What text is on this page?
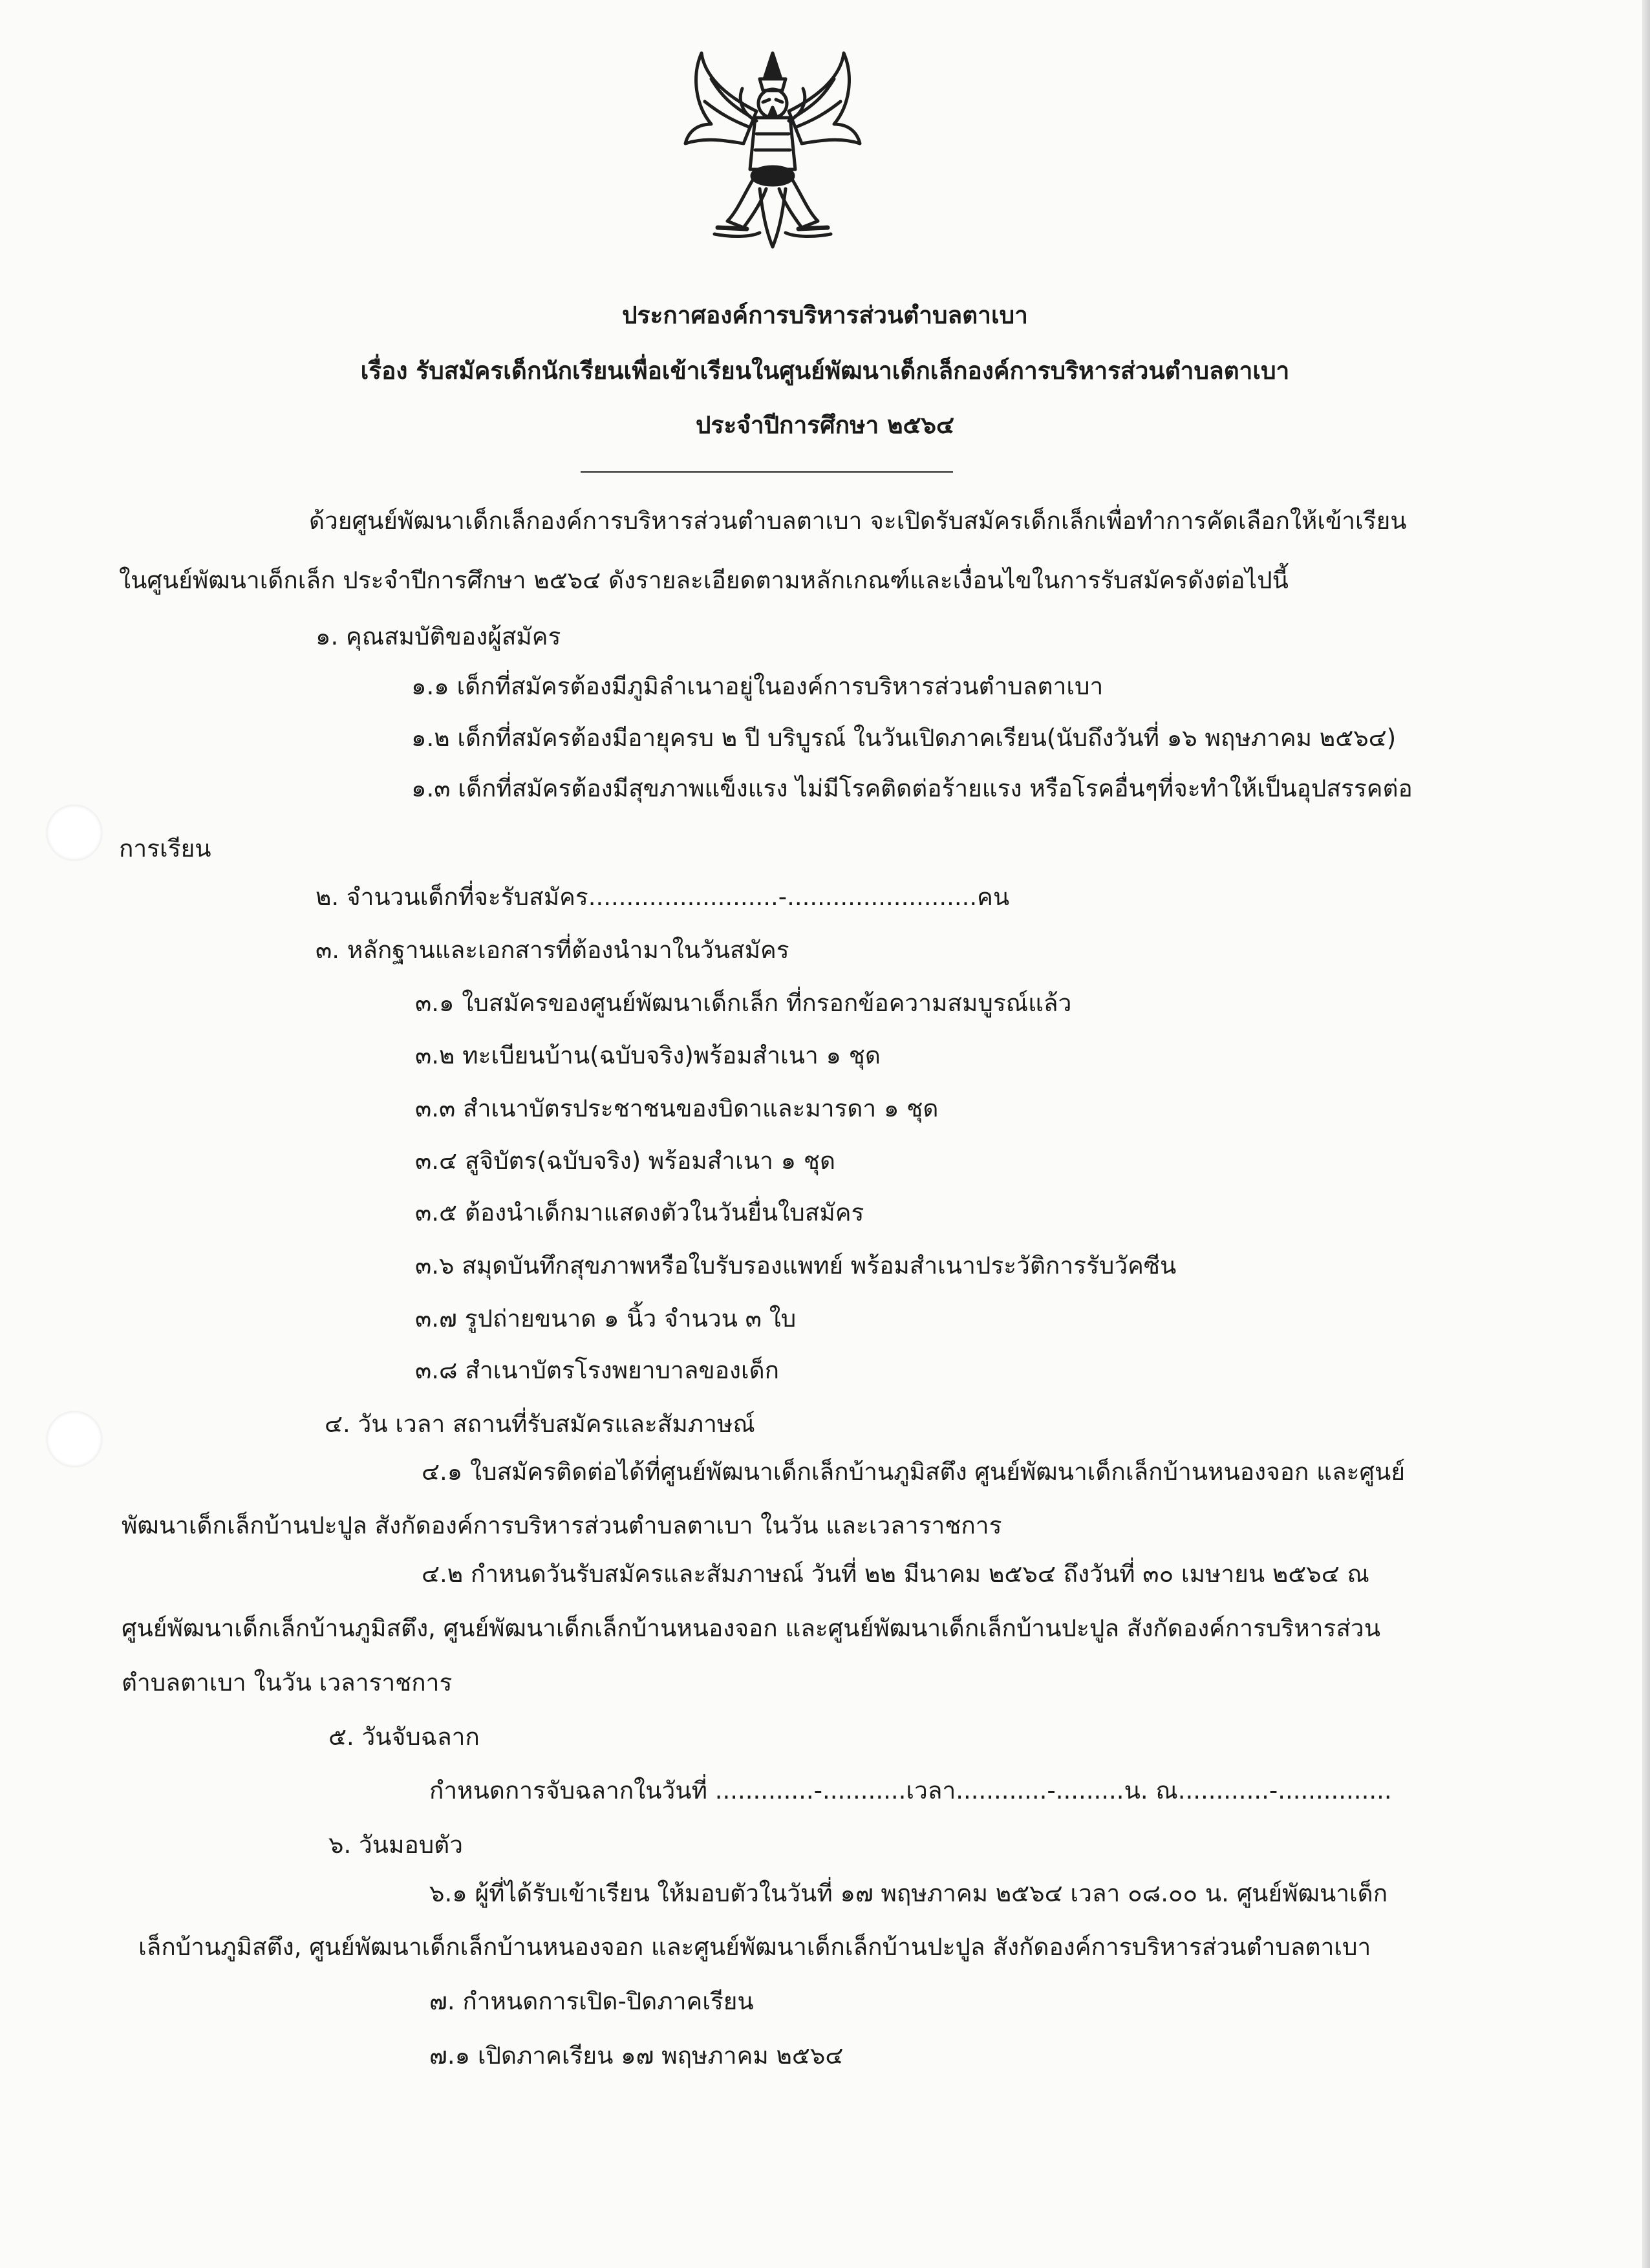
ประกาศองค์การบริหารส่วนตำบลตาเบา
เรื่อง รับสมัครเด็กนักเรียนเพื่อเข้าเรียนในศูนย์พัฒนาเด็กเล็กองค์การบริหารส่วนตำบลตาเบา
ประจำปีการศึกษา ๒๕๖๔
ด้วยศูนย์พัฒนาเด็กเล็กองค์การบริหารส่วนตำบลตาเบา จะเปิดรับสมัครเด็กเล็กเพื่อทำการคัดเลือกให้เข้าเรียน
ในศูนย์พัฒนาเด็กเล็ก ประจำปีการศึกษา ๒๕๖๔ ดังรายละเอียดตามหลักเกณฑ์และเงื่อนไขในการรับสมัครดังต่อไปนี้
๑. คุณสมบัติของผู้สมัคร
๑.๑ เด็กที่สมัครต้องมีภูมิลำเนาอยู่ในองค์การบริหารส่วนตำบลตาเบา
๑.๒ เด็กที่สมัครต้องมีอายุครบ ๒ ปี บริบูรณ์ ในวันเปิดภาคเรียน(นับถึงวันที่ ๑๖ พฤษภาคม ๒๕๖๔)
๑.๓ เด็กที่สมัครต้องมีสุขภาพแข็งแรง ไม่มีโรคติดต่อร้ายแรง หรือโรคอื่นๆที่จะทำให้เป็นอุปสรรคต่อ
การเรียน
๒. จำนวนเด็กที่จะรับสมัคร.........................-.........................คน
๓. หลักฐานและเอกสารที่ต้องนำมาในวันสมัคร
๓.๑ ใบสมัครของศูนย์พัฒนาเด็กเล็ก ที่กรอกข้อความสมบูรณ์แล้ว
๓.๒ ทะเบียนบ้าน(ฉบับจริง)พร้อมสำเนา ๑ ชุด
๓.๓ สำเนาบัตรประชาชนของบิดาและมารดา ๑ ชุด
๓.๔ สูจิบัตร(ฉบับจริง) พร้อมสำเนา ๑ ชุด
๓.๕ ต้องนำเด็กมาแสดงตัวในวันยื่นใบสมัคร
๓.๖ สมุดบันทึกสุขภาพหรือใบรับรองแพทย์ พร้อมสำเนาประวัติการรับวัคซีน
๓.๗ รูปถ่ายขนาด ๑ นิ้ว จำนวน ๓ ใบ
๓.๘ สำเนาบัตรโรงพยาบาลของเด็ก
๔. วัน เวลา สถานที่รับสมัครและสัมภาษณ์
๔.๑ ใบสมัครติดต่อได้ที่ศูนย์พัฒนาเด็กเล็กบ้านภูมิสตึง ศูนย์พัฒนาเด็กเล็กบ้านหนองจอก และศูนย์
พัฒนาเด็กเล็กบ้านปะปูล สังกัดองค์การบริหารส่วนตำบลตาเบา ในวัน และเวลาราชการ
๔.๒ กำหนดวันรับสมัครและสัมภาษณ์ วันที่ ๒๒ มีนาคม ๒๕๖๔ ถึงวันที่ ๓๐ เมษายน ๒๕๖๔ ณ
ศูนย์พัฒนาเด็กเล็กบ้านภูมิสตึง, ศูนย์พัฒนาเด็กเล็กบ้านหนองจอก และศูนย์พัฒนาเด็กเล็กบ้านปะปูล สังกัดองค์การบริหารส่วน
ตำบลตาเบา ในวัน เวลาราชการ
๕. วันจับฉลาก
กำหนดการจับฉลากในวันที่ .............-...........เวลา............-.........น. ณ............-...............
๖. วันมอบตัว
๖.๑ ผู้ที่ได้รับเข้าเรียน ให้มอบตัวในวันที่ ๑๗ พฤษภาคม ๒๕๖๔ เวลา ๐๘.๐๐ น. ศูนย์พัฒนาเด็ก
เล็กบ้านภูมิสตึง, ศูนย์พัฒนาเด็กเล็กบ้านหนองจอก และศูนย์พัฒนาเด็กเล็กบ้านปะปูล สังกัดองค์การบริหารส่วนตำบลตาเบา
๗. กำหนดการเปิด-ปิดภาคเรียน
๗.๑ เปิดภาคเรียน ๑๗ พฤษภาคม ๒๕๖๔
